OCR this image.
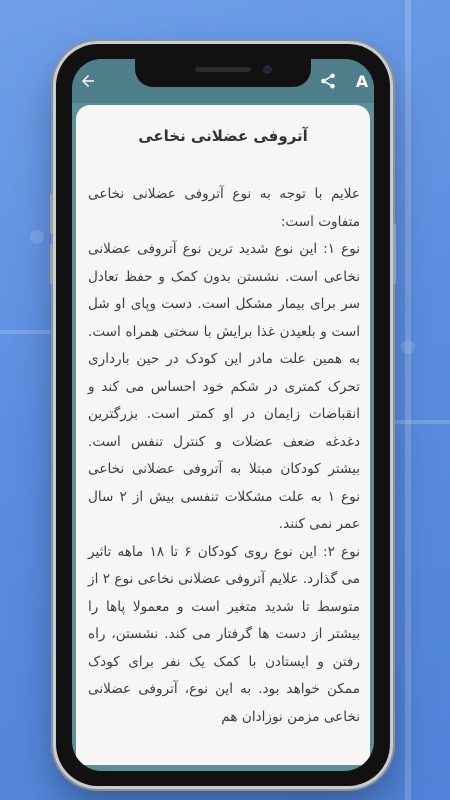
A
آتروفی عضلانی نخاعی

علایم با توجه به نوع آتروفی عضلانی نخاعی متفاوت است:

نوع ۱: این نوع شدید ترین نوع آتروفی عضلانی نخاعی است. نشستن بدون کمک و حفظ تعادل سر برای بیمار مشکل است. دست وپای او شل است و بلعیدن غذا برایش با سختی همراه است. به همین علت مادر این کودک در حین بارداری تحرک کمتری در شکم خود احساس می کند و انقباضات زایمان در او کمتر است. بزرگترین دغدغه ضعف عضلات و کنترل تنفس است. بیشتر کودکان مبتلا به آتروفی عضلانی نخاعی نوع ۱ به علت مشکلات تنفسی بیش از ۲ سال عمر نمی کنند.

نوع ۲: این نوع روی کودکان ۶ تا ۱۸ ماهه تاثیر می گذارد. علایم آتروفی عضلانی نخاعی نوع ۲ از متوسط تا شدید متغیر است و معمولا پاها را بیشتر از دست ها گرفتار می کند. نشستن، راه رفتن و ایستادن با کمک یک نفر برای کودک ممکن خواهد بود. به این نوع، آتروفی عضلانی نخاعی مزمن نوزادان هم
